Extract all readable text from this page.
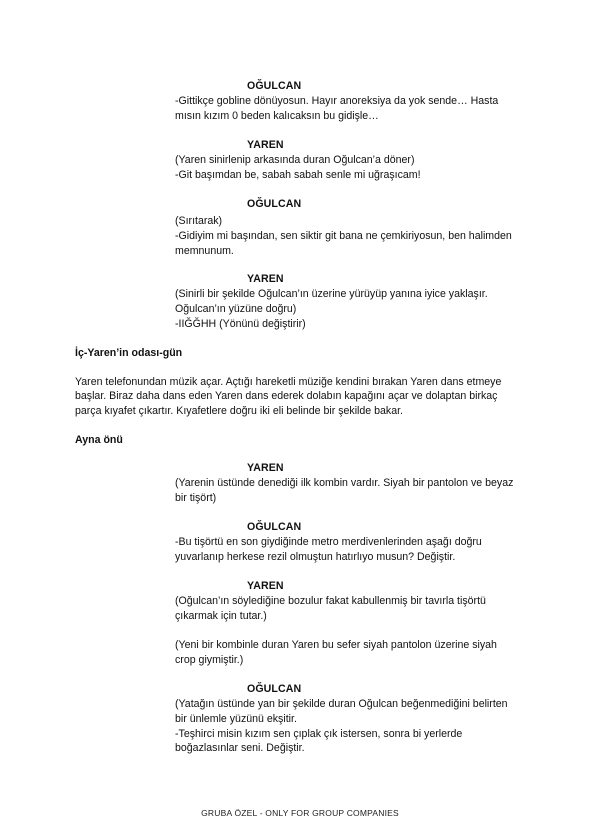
OĞULCAN
-Gittikçe gobline dönüyosun. Hayır anoreksiya da yok sende… Hasta
mısın kızım 0 beden kalıcaksın bu gidişle…
YAREN
(Yaren sinirlenip arkasında duran Oğulcan’a döner)
-Git başımdan be, sabah sabah senle mi uğraşıcam!
OĞULCAN
(Sırıtarak)
-Gidiyim mi başından, sen siktir git bana ne çemkiriyosun, ben halimden
memnunum.
YAREN
(Sinirli bir şekilde Oğulcan’ın üzerine yürüyüp yanına iyice yaklaşır.
Oğulcan’ın yüzüne doğru)
-IIĞĞHH (Yönünü değiştirir)
İç-Yaren’in odası-gün
Yaren telefonundan müzik açar. Açtığı hareketli müziğe kendini bırakan Yaren dans etmeye
başlar. Biraz daha dans eden Yaren dans ederek dolabın kapağını açar ve dolaptan birkaç
parça kıyafet çıkartır. Kıyafetlere doğru iki eli belinde bir şekilde bakar.
Ayna önü
YAREN
(Yarenin üstünde denediği ilk kombin vardır. Siyah bir pantolon ve beyaz
bir tişört)
OĞULCAN
-Bu tişörtü en son giydiğinde metro merdivenlerinden aşağı doğru
yuvarlanıp herkese rezil olmuştun hatırlıyo musun? Değiştir.
YAREN
(Oğulcan’ın söylediğine bozulur fakat kabullenmiş bir tavırla tişörtü
çıkarmak için tutar.)
(Yeni bir kombinle duran Yaren bu sefer siyah pantolon üzerine siyah
crop giymiştir.)
OĞULCAN
(Yatağın üstünde yan bir şekilde duran Oğulcan beğenmediğini belirten
bir ünlemle yüzünü ekşitir.
-Teşhirci misin kızım sen çıplak çık istersen, sonra bi yerlerde
boğazlasınlar seni. Değiştir.
GRUBA ÖZEL - ONLY FOR GROUP COMPANIES
